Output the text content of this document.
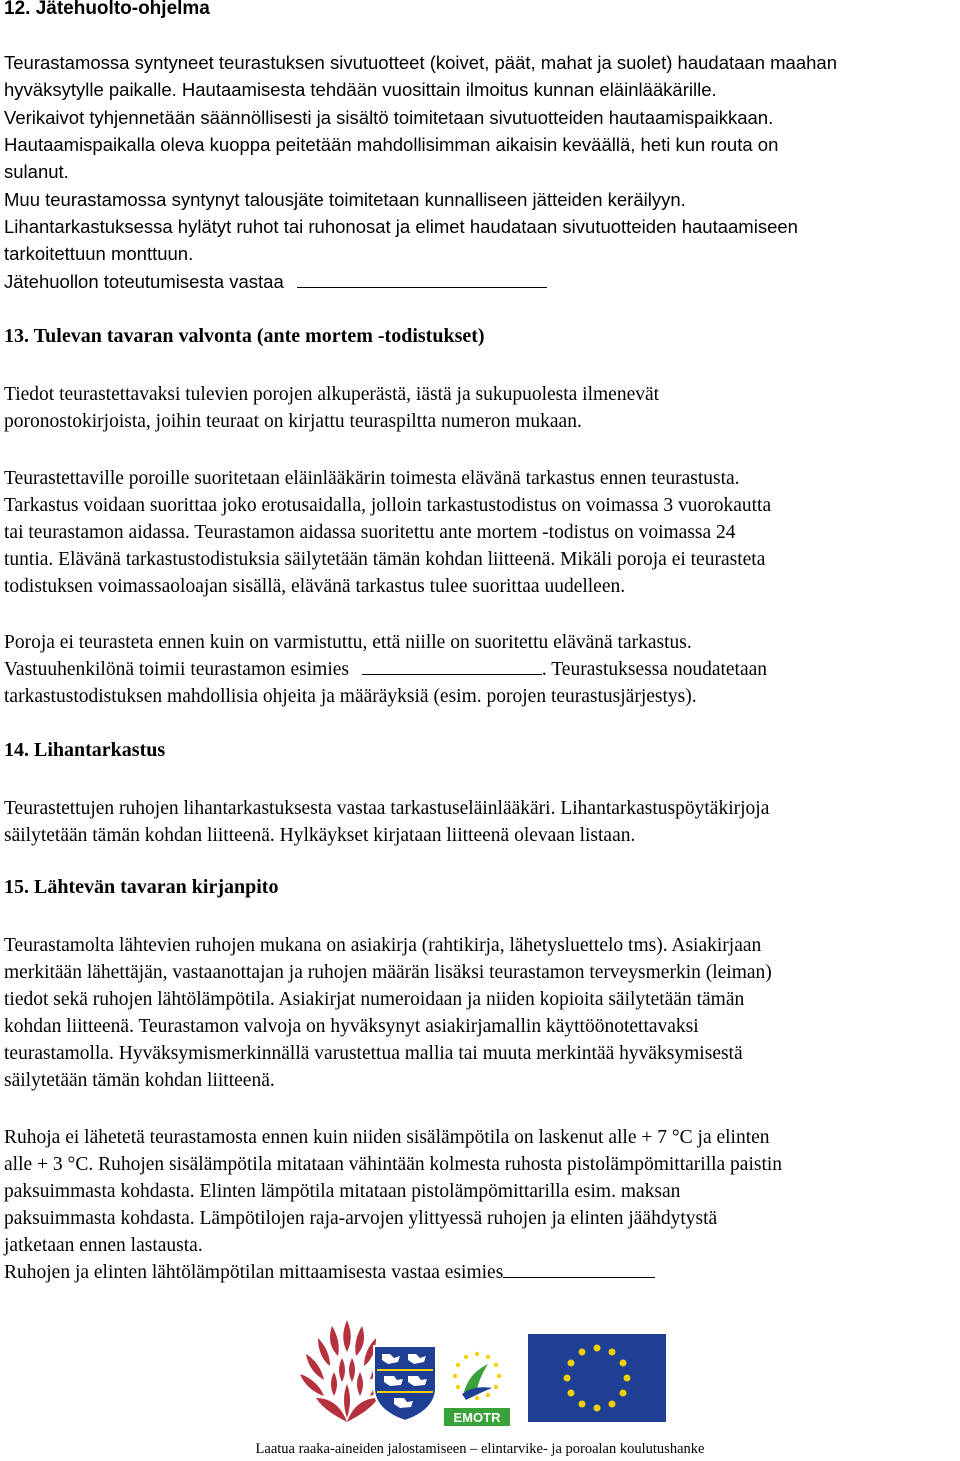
12. Jätehuolto-ohjelma
Teurastamossa syntyneet teurastuksen sivutuotteet (koivet, päät, mahat ja suolet) haudataan maahan
hyväksytylle paikalle. Hautaamisesta tehdään vuosittain ilmoitus kunnan eläinlääkärille.
Verikaivot tyhjennetään säännöllisesti ja sisältö toimitetaan sivutuotteiden hautaamispaikkaan.
Hautaamispaikalla oleva kuoppa peitetään mahdollisimman aikaisin keväällä, heti kun routa on
sulanut.
Muu teurastamossa syntynyt talousjäte toimitetaan kunnalliseen jätteiden keräilyyn.
Lihantarkastuksessa hylätyt ruhot tai ruhonosat ja elimet haudataan sivutuotteiden hautaamiseen
tarkoitettuun monttuun.
Jätehuollon toteutumisesta vastaa
13. Tulevan tavaran valvonta (ante mortem -todistukset)
Tiedot teurastettavaksi tulevien porojen alkuperästä, iästä ja sukupuolesta ilmenevät
poronostokirjoista, joihin teuraat on kirjattu teuraspiltta numeron mukaan.
Teurastettaville poroille suoritetaan eläinlääkärin toimesta elävänä tarkastus ennen teurastusta.
Tarkastus voidaan suorittaa joko erotusaidalla, jolloin tarkastustodistus on voimassa 3 vuorokautta
tai teurastamon aidassa. Teurastamon aidassa suoritettu ante mortem -todistus on voimassa 24
tuntia. Elävänä tarkastustodistuksia säilytetään tämän kohdan liitteenä. Mikäli poroja ei teurasteta
todistuksen voimassaoloajan sisällä, elävänä tarkastus tulee suorittaa uudelleen.
Poroja ei teurasteta ennen kuin on varmistuttu, että niille on suoritettu elävänä tarkastus.
Vastuuhenkilönä toimii teurastamon esimies	. Teurastuksessa noudatetaan
tarkastustodistuksen mahdollisia ohjeita ja määräyksiä (esim. porojen teurastusjärjestys).
14. Lihantarkastus
Teurastettujen ruhojen lihantarkastuksesta vastaa tarkastuseläinlääkäri. Lihantarkastuspöytäkirjoja
säilytetään tämän kohdan liitteenä. Hylkäykset kirjataan liitteenä olevaan listaan.
15. Lähtevän tavaran kirjanpito
Teurastamolta lähtevien ruhojen mukana on asiakirja (rahtikirja, lähetysluettelo tms). Asiakirjaan
merkitään lähettäjän, vastaanottajan ja ruhojen määrän lisäksi teurastamon terveysmerkin (leiman)
tiedot sekä ruhojen lähtölämpötila. Asiakirjat numeroidaan ja niiden kopioita säilytetään tämän
kohdan liitteenä. Teurastamon valvoja on hyväksynyt asiakirjamallin käyttöönotettavaksi
teurastamolla. Hyväksymismerkinnällä varustettua mallia tai muuta merkintää hyväksymisestä
säilytetään tämän kohdan liitteenä.
Ruhoja ei lähetetä teurastamosta ennen kuin niiden sisälämpötila on laskenut alle + 7 °C ja elinten
alle + 3 °C. Ruhojen sisälämpötila mitataan vähintään kolmesta ruhosta pistolämpömittarilla paistin
paksuimmasta kohdasta. Elinten lämpötila mitataan pistolämpömittarilla esim. maksan
paksuimmasta kohdasta. Lämpötilojen raja-arvojen ylittyessä ruhojen ja elinten jäähdytystä
jatketaan ennen lastausta.
Ruhojen ja elinten lähtölämpötilan mittaamisesta vastaa esimies
EMOTR
Laatua raaka-aineiden jalostamiseen – elintarvike- ja poroalan koulutushanke
